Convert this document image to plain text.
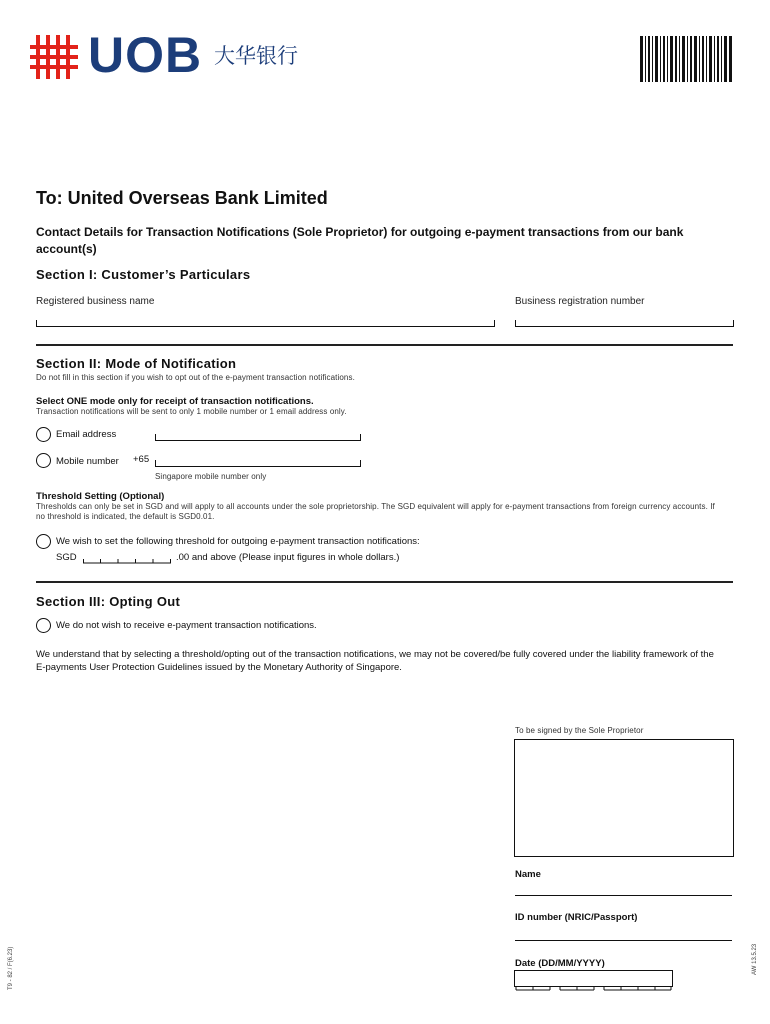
UOB 大华银行
To: United Overseas Bank Limited
Contact Details for Transaction Notifications (Sole Proprietor) for outgoing e-payment transactions from our bank account(s)
Section I: Customer’s Particulars
Registered business name	Business registration number
Section II: Mode of Notification
Do not fill in this section if you wish to opt out of the e-payment transaction notifications.
Select ONE mode only for receipt of transaction notifications.
Transaction notifications will be sent to only 1 mobile number or 1 email address only.
Email address
Mobile number +65
Singapore mobile number only
Threshold Setting (Optional)
Thresholds can only be set in SGD and will apply to all accounts under the sole proprietorship. The SGD equivalent will apply for e-payment transactions from foreign currency accounts. If no threshold is indicated, the default is SGD0.01.
We wish to set the following threshold for outgoing e-payment transaction notifications:
SGD	.00 and above (Please input figures in whole dollars.)
Section III: Opting Out
We do not wish to receive e-payment transaction notifications.
We understand that by selecting a threshold/opting out of the transaction notifications, we may not be covered/be fully covered under the liability framework of the E-payments User Protection Guidelines issued by the Monetary Authority of Singapore.
To be signed by the Sole Proprietor
Name
ID number (NRIC/Passport)
Date (DD/MM/YYYY)
T9 - 82 / F(6.23)	AW 13.5.23
